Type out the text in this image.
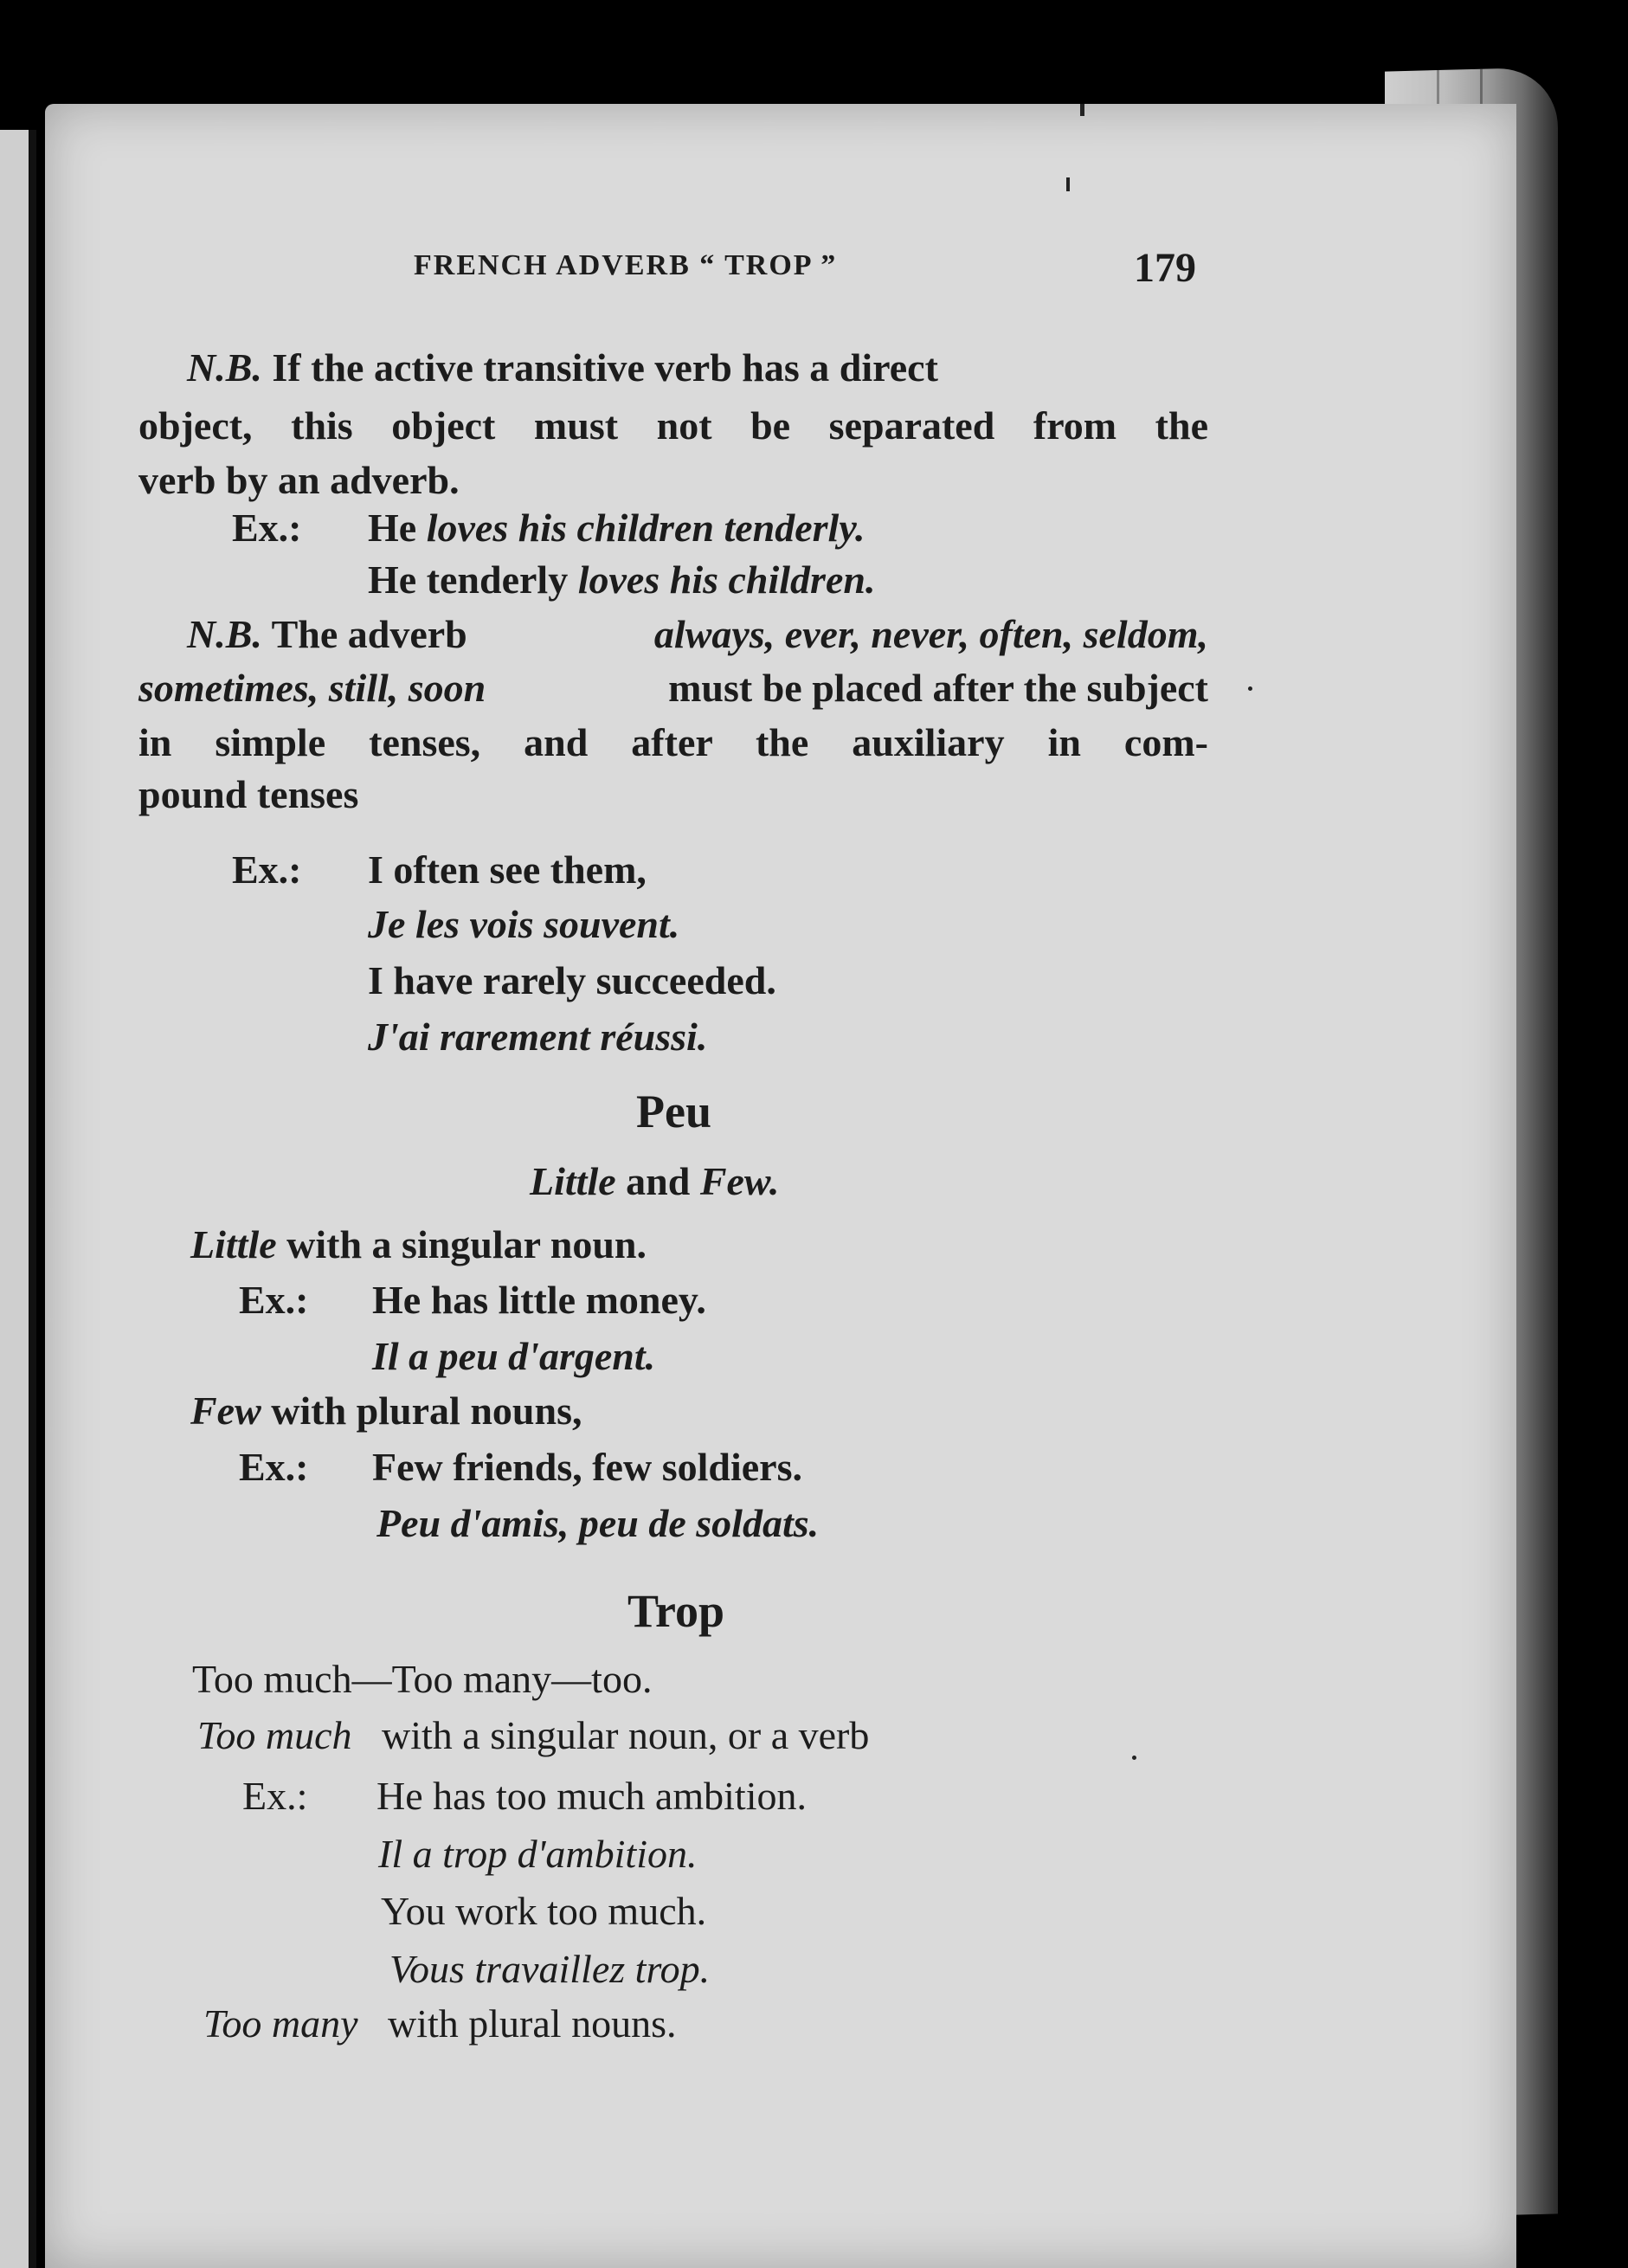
FRENCH ADVERB “ TROP ”	179
N.B. If the active transitive verb has a direct
object, this object must not be separated from the
verb by an adverb.
Ex.: He loves his children tenderly.
He tenderly loves his children.
N.B. The adverb	always, ever, never, often, seldom,
sometimes, still, soon	must be placed after the subject
in simple tenses, and after the auxiliary in com-
pound tenses
Ex.: I often see them,
Je les vois souvent.
I have rarely succeeded.
J'ai rarement réussi.
Peu
Little and Few.
Little with a singular noun.
Ex.: He has little money.
Il a peu d'argent.
Few with plural nouns,
Ex.: Few friends, few soldiers.
Peu d'amis, peu de soldats.
Trop
Too much—Too many—too.
Too much with a singular noun, or a verb
Ex.: He has too much ambition.
Il a trop d'ambition.
You work too much.
Vous travaillez trop.
Too many with plural nouns.
